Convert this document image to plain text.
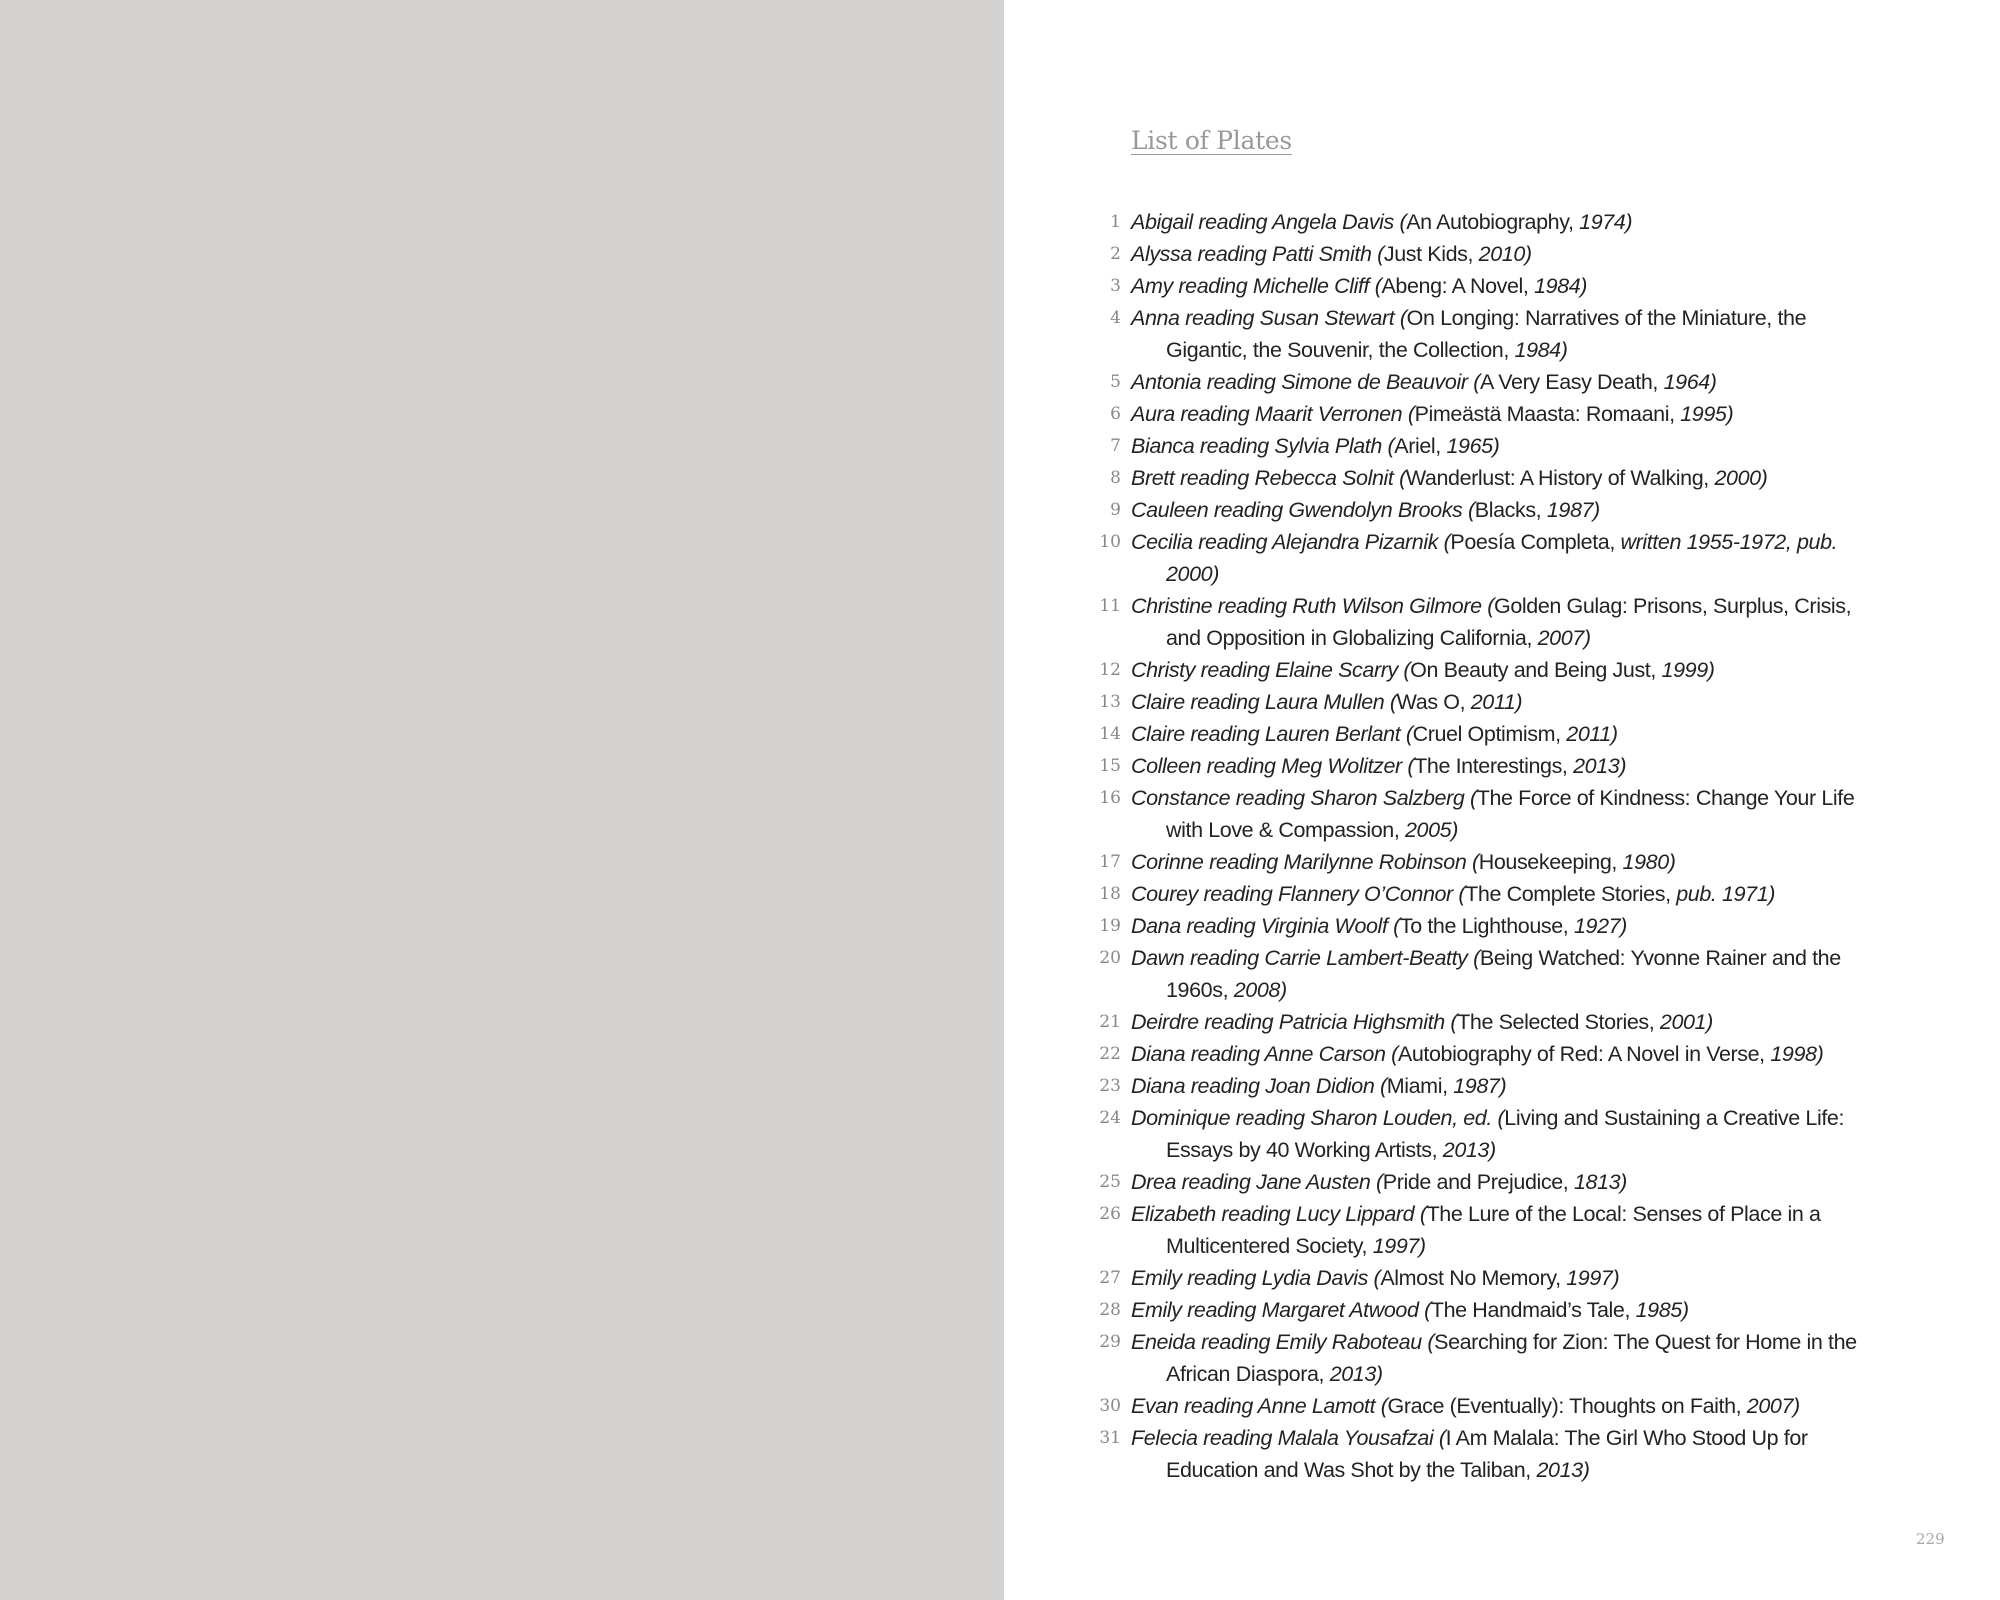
List of Plates
1 Abigail reading Angela Davis (An Autobiography, 1974)
2 Alyssa reading Patti Smith (Just Kids, 2010)
3 Amy reading Michelle Cliff (Abeng: A Novel, 1984)
4 Anna reading Susan Stewart (On Longing: Narratives of the Miniature, the Gigantic, the Souvenir, the Collection, 1984)
5 Antonia reading Simone de Beauvoir (A Very Easy Death, 1964)
6 Aura reading Maarit Verronen (Pimeästä Maasta: Romaani, 1995)
7 Bianca reading Sylvia Plath (Ariel, 1965)
8 Brett reading Rebecca Solnit (Wanderlust: A History of Walking, 2000)
9 Cauleen reading Gwendolyn Brooks (Blacks, 1987)
10 Cecilia reading Alejandra Pizarnik (Poesía Completa, written 1955-1972, pub. 2000)
11 Christine reading Ruth Wilson Gilmore (Golden Gulag: Prisons, Surplus, Crisis, and Opposition in Globalizing California, 2007)
12 Christy reading Elaine Scarry (On Beauty and Being Just, 1999)
13 Claire reading Laura Mullen (Was O, 2011)
14 Claire reading Lauren Berlant (Cruel Optimism, 2011)
15 Colleen reading Meg Wolitzer (The Interestings, 2013)
16 Constance reading Sharon Salzberg (The Force of Kindness: Change Your Life with Love & Compassion, 2005)
17 Corinne reading Marilynne Robinson (Housekeeping, 1980)
18 Courey reading Flannery O’Connor (The Complete Stories, pub. 1971)
19 Dana reading Virginia Woolf (To the Lighthouse, 1927)
20 Dawn reading Carrie Lambert-Beatty (Being Watched: Yvonne Rainer and the 1960s, 2008)
21 Deirdre reading Patricia Highsmith (The Selected Stories, 2001)
22 Diana reading Anne Carson (Autobiography of Red: A Novel in Verse, 1998)
23 Diana reading Joan Didion (Miami, 1987)
24 Dominique reading Sharon Louden, ed. (Living and Sustaining a Creative Life: Essays by 40 Working Artists, 2013)
25 Drea reading Jane Austen (Pride and Prejudice, 1813)
26 Elizabeth reading Lucy Lippard (The Lure of the Local: Senses of Place in a Multicentered Society, 1997)
27 Emily reading Lydia Davis (Almost No Memory, 1997)
28 Emily reading Margaret Atwood (The Handmaid’s Tale, 1985)
29 Eneida reading Emily Raboteau (Searching for Zion: The Quest for Home in the African Diaspora, 2013)
30 Evan reading Anne Lamott (Grace (Eventually): Thoughts on Faith, 2007)
31 Felecia reading Malala Yousafzai (I Am Malala: The Girl Who Stood Up for Education and Was Shot by the Taliban, 2013)
229
